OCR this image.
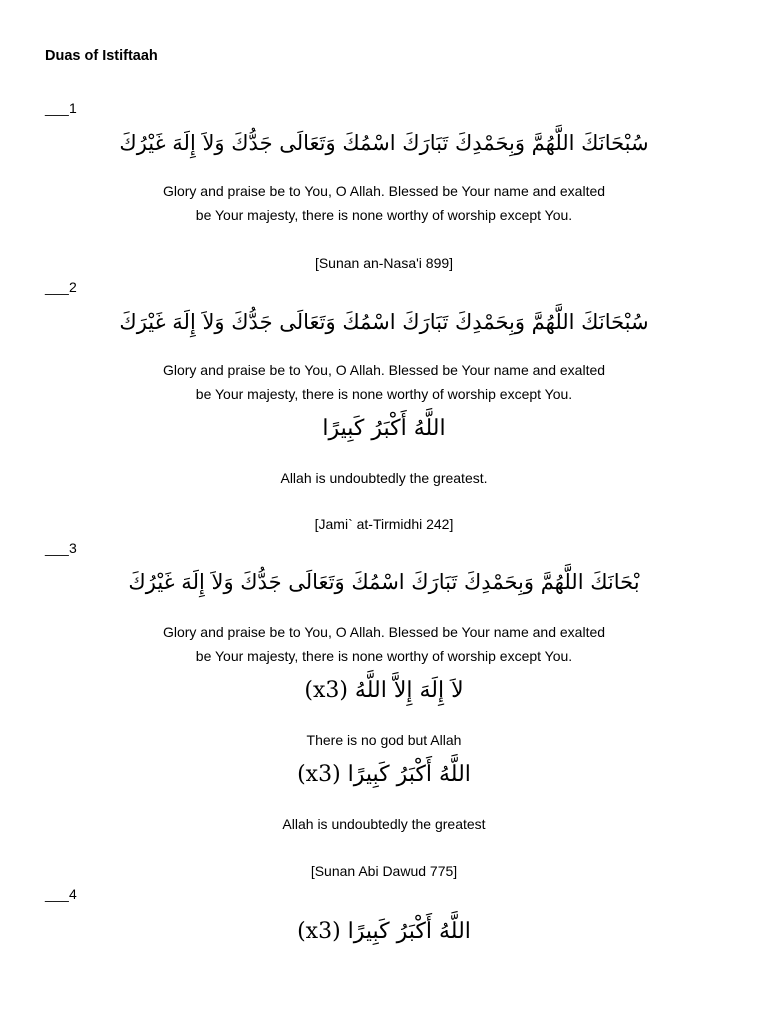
Duas of Istiftaah
___1
سُبْحَانَكَ اللَّهُمَّ وَبِحَمْدِكَ تَبَارَكَ اسْمُكَ وَتَعَالَى جَدُّكَ وَلاَ إِلَهَ غَيْرُكَ
Glory and praise be to You, O Allah. Blessed be Your name and exalted
be Your majesty, there is none worthy of worship except You.
[Sunan an-Nasa'i 899]
___2
سُبْحَانَكَ اللَّهُمَّ وَبِحَمْدِكَ تَبَارَكَ اسْمُكَ وَتَعَالَى جَدُّكَ وَلاَ إِلَهَ غَيْرَكَ
Glory and praise be to You, O Allah. Blessed be Your name and exalted
be Your majesty, there is none worthy of worship except You.
اللَّهُ أَكْبَرُ كَبِيرًا
Allah is undoubtedly the greatest.
[Jami` at-Tirmidhi 242]
___3
بْحَانَكَ اللَّهُمَّ وَبِحَمْدِكَ تَبَارَكَ اسْمُكَ وَتَعَالَى جَدُّكَ وَلاَ إِلَهَ غَيْرُكَ
Glory and praise be to You, O Allah. Blessed be Your name and exalted
be Your majesty, there is none worthy of worship except You.
لاَ إِلَهَ إِلاَّ اللَّهُ (x3)
There is no god but Allah
اللَّهُ أَكْبَرُ كَبِيرًا (x3)
Allah is undoubtedly the greatest
[Sunan Abi Dawud 775]
___4
اللَّهُ أَكْبَرُ كَبِيرًا (x3)
